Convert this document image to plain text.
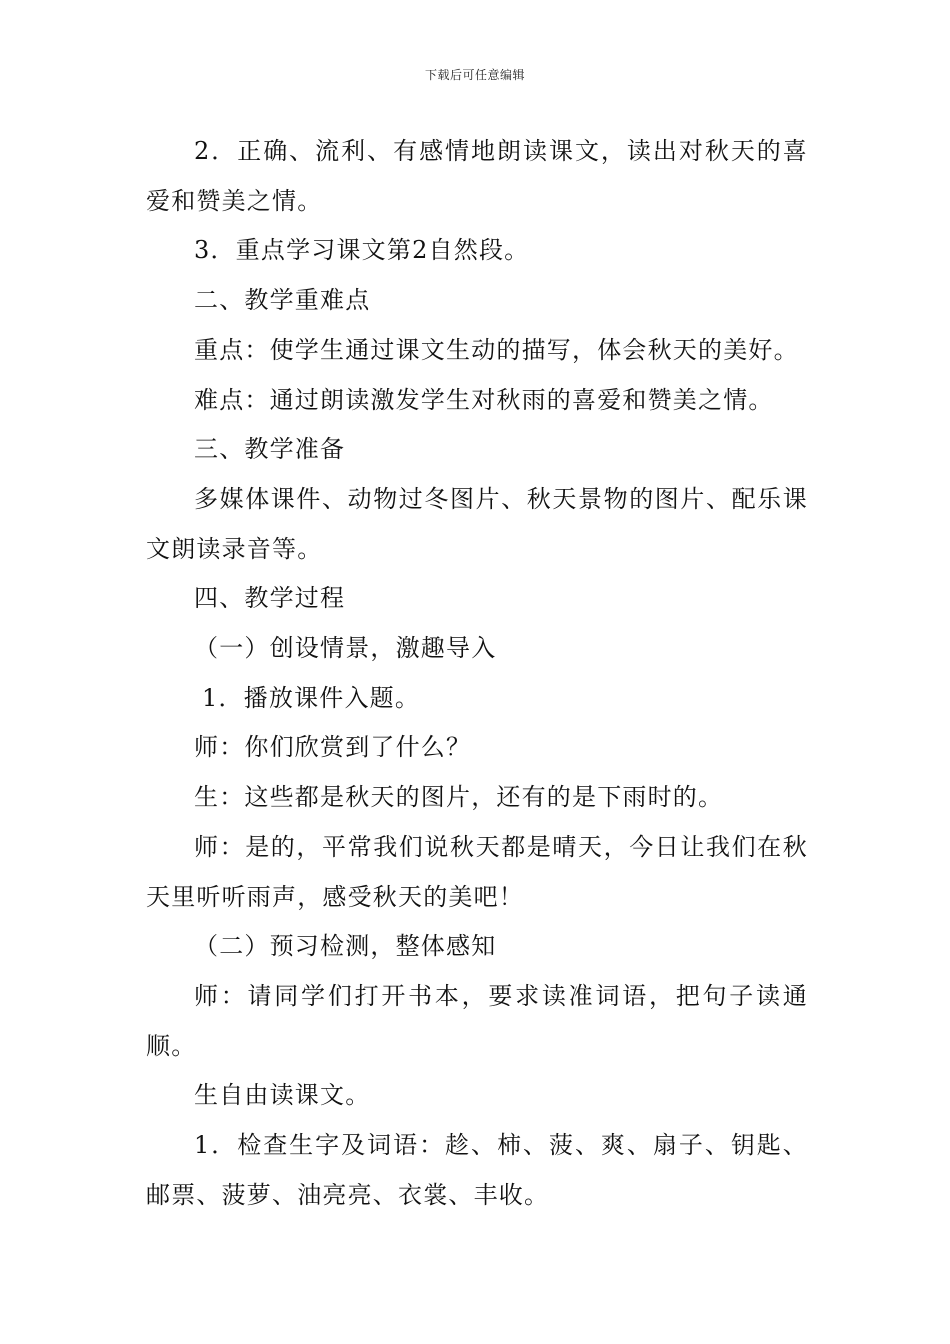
下载后可任意编辑

2．正确、流利、有感情地朗读课文，读出对秋天的喜爱和赞美之情。

3．重点学习课文第2自然段。

二、教学重难点

重点：使学生通过课文生动的描写，体会秋天的美好。

难点：通过朗读激发学生对秋雨的喜爱和赞美之情。

三、教学准备

多媒体课件、动物过冬图片、秋天景物的图片、配乐课文朗读录音等。

四、教学过程

（一）创设情景，激趣导入

1．播放课件入题。

师：你们欣赏到了什么？

生：这些都是秋天的图片，还有的是下雨时的。

师：是的，平常我们说秋天都是晴天，今日让我们在秋天里听听雨声，感受秋天的美吧！

（二）预习检测，整体感知

师：请同学们打开书本，要求读准词语，把句子读通顺。

生自由读课文。

1．检查生字及词语：趁、柿、菠、爽、扇子、钥匙、邮票、菠萝、油亮亮、衣裳、丰收。
